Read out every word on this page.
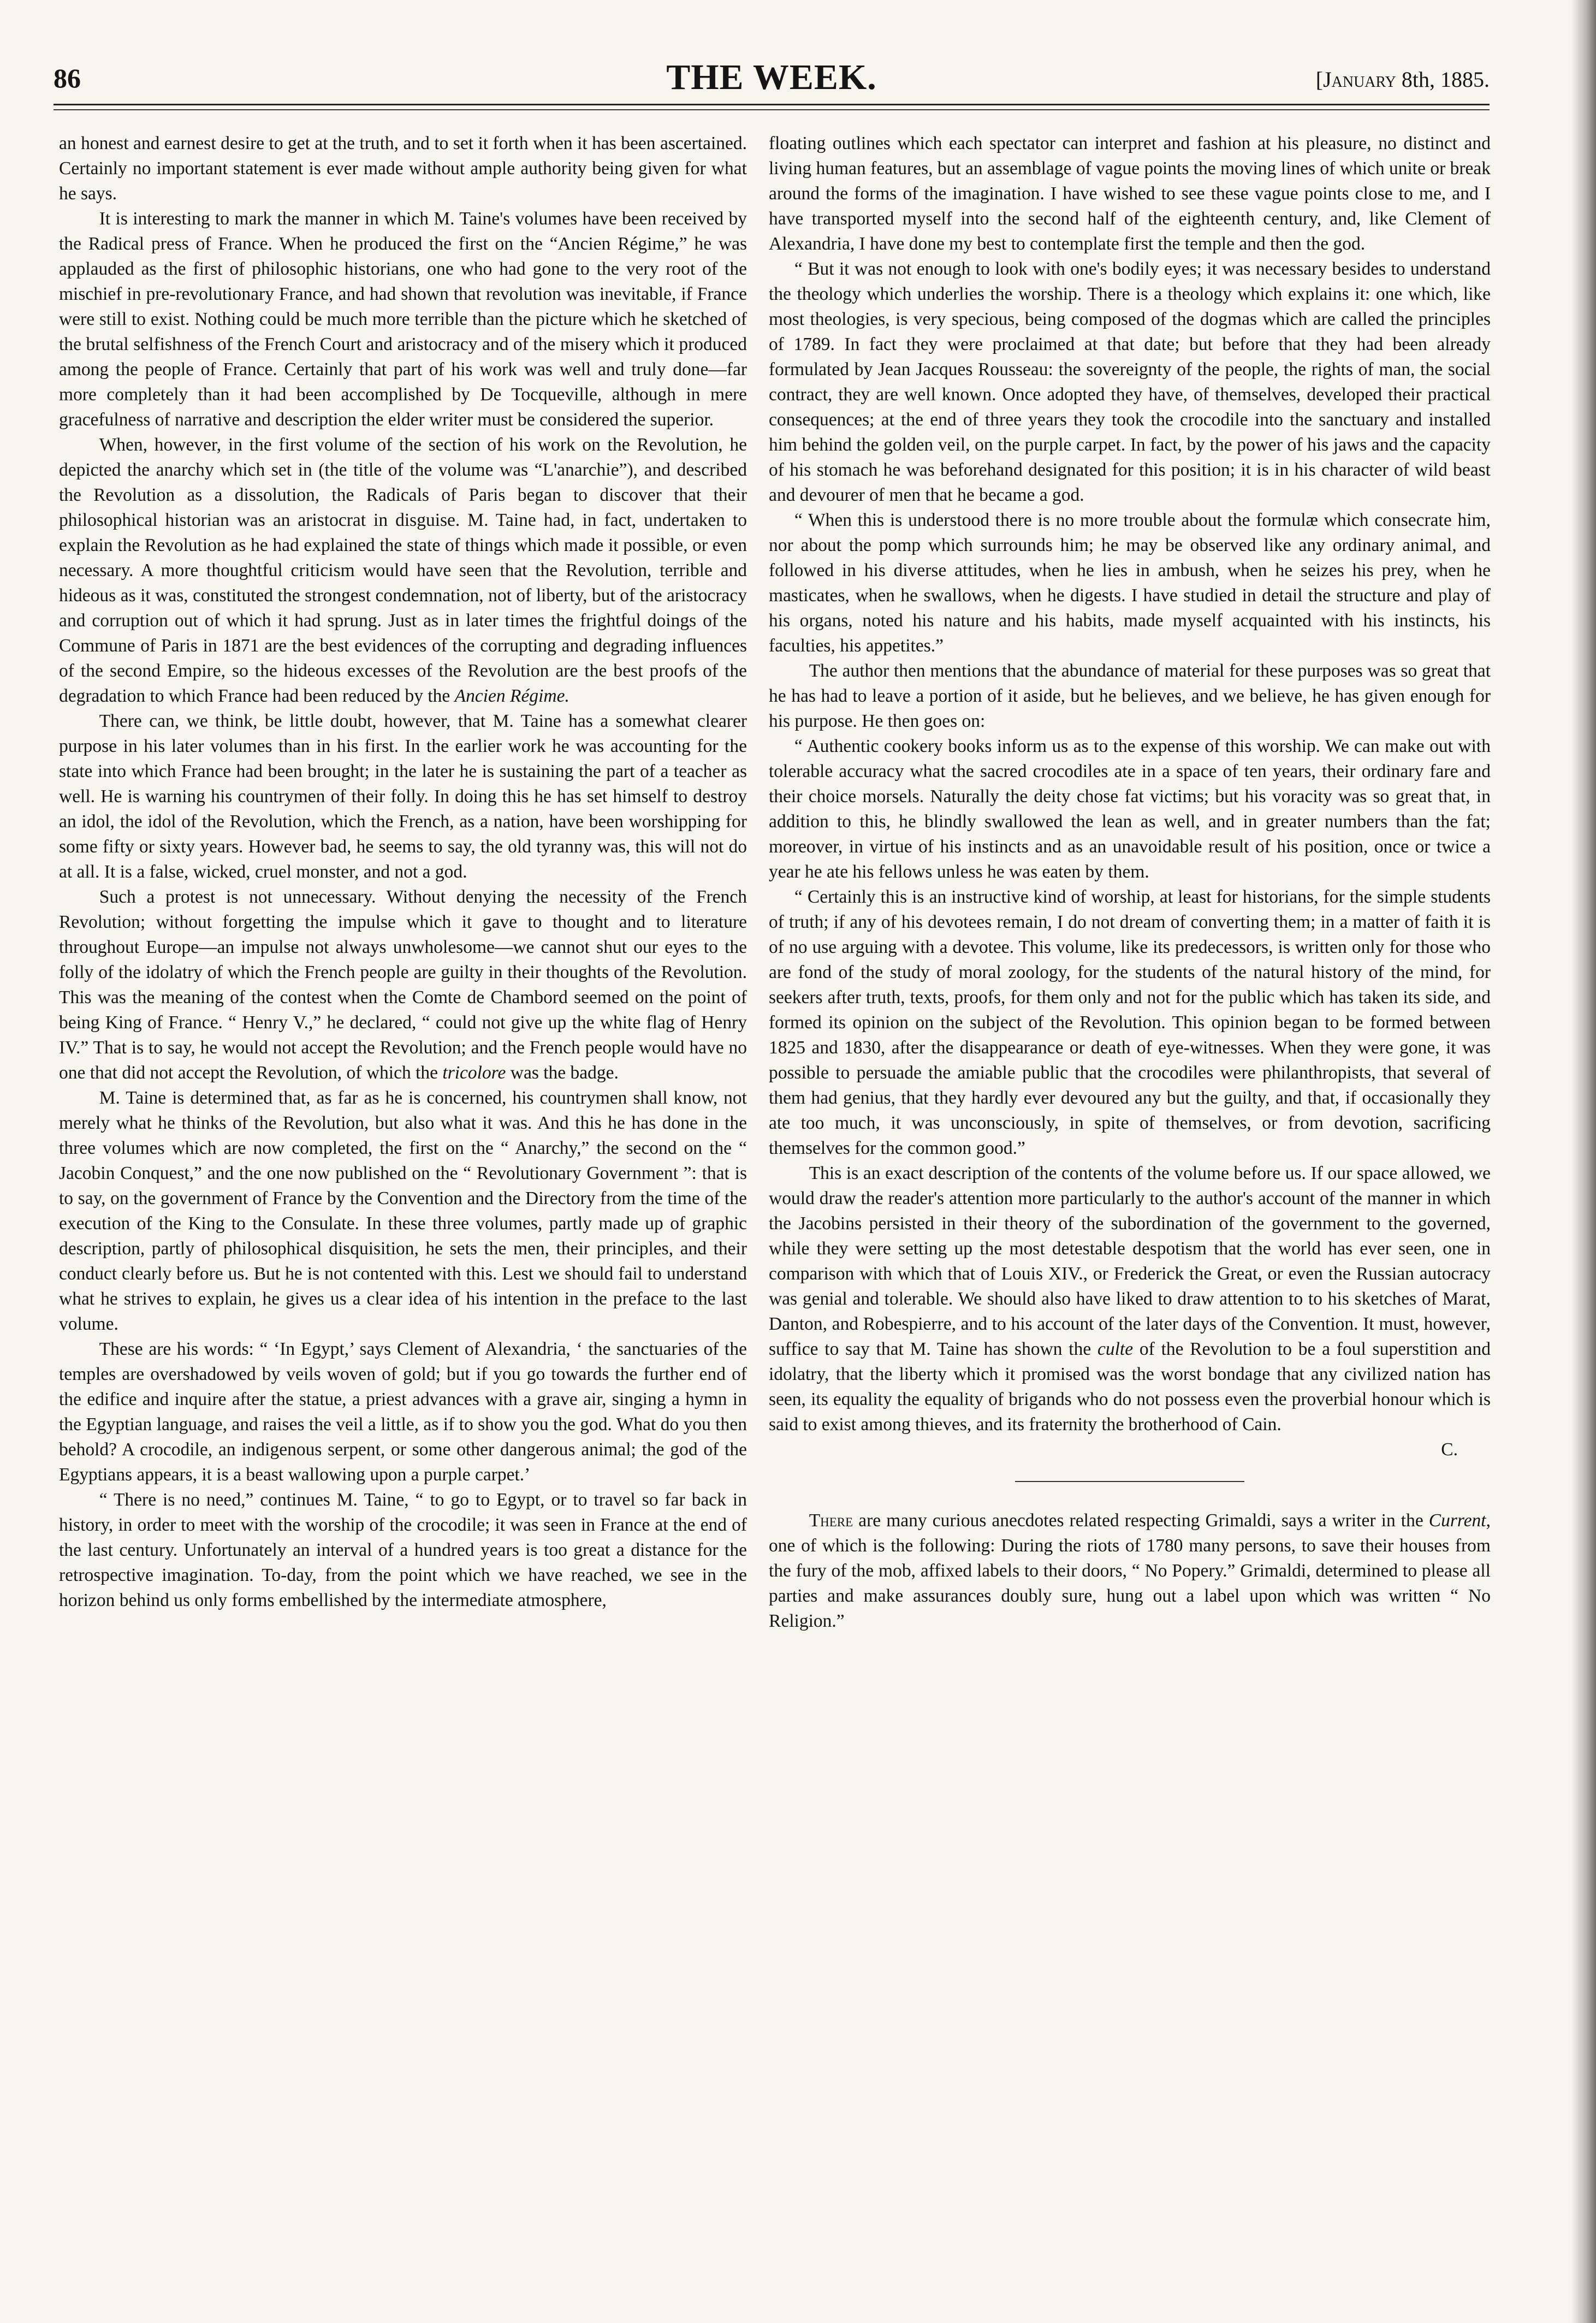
86	THE WEEK.	[January 8th, 1885.

an honest and earnest desire to get at the truth, and to set it forth when it has been ascertained. Certainly no important statement is ever made without ample authority being given for what he says.

It is interesting to mark the manner in which M. Taine's volumes have been received by the Radical press of France. When he produced the first on the “Ancien Régime,” he was applauded as the first of philosophic historians, one who had gone to the very root of the mischief in pre-revolutionary France, and had shown that revolution was inevitable, if France were still to exist. Nothing could be much more terrible than the picture which he sketched of the brutal selfishness of the French Court and aristocracy and of the misery which it produced among the people of France. Certainly that part of his work was well and truly done—far more completely than it had been accomplished by De Tocqueville, although in mere gracefulness of narrative and description the elder writer must be considered the superior.

When, however, in the first volume of the section of his work on the Revolution, he depicted the anarchy which set in (the title of the volume was “L'anarchie”), and described the Revolution as a dissolution, the Radicals of Paris began to discover that their philosophical historian was an aristocrat in disguise. M. Taine had, in fact, undertaken to explain the Revolution as he had explained the state of things which made it possible, or even necessary. A more thoughtful criticism would have seen that the Revolution, terrible and hideous as it was, constituted the strongest condemnation, not of liberty, but of the aristocracy and corruption out of which it had sprung. Just as in later times the frightful doings of the Commune of Paris in 1871 are the best evidences of the corrupting and degrading influences of the second Empire, so the hideous excesses of the Revolution are the best proofs of the degradation to which France had been reduced by the Ancien Régime.

There can, we think, be little doubt, however, that M. Taine has a somewhat clearer purpose in his later volumes than in his first. In the earlier work he was accounting for the state into which France had been brought; in the later he is sustaining the part of a teacher as well. He is warning his countrymen of their folly. In doing this he has set himself to destroy an idol, the idol of the Revolution, which the French, as a nation, have been worshipping for some fifty or sixty years. However bad, he seems to say, the old tyranny was, this will not do at all. It is a false, wicked, cruel monster, and not a god.

Such a protest is not unnecessary. Without denying the necessity of the French Revolution; without forgetting the impulse which it gave to thought and to literature throughout Europe—an impulse not always unwholesome—we cannot shut our eyes to the folly of the idolatry of which the French people are guilty in their thoughts of the Revolution. This was the meaning of the contest when the Comte de Chambord seemed on the point of being King of France. “ Henry V.,” he declared, “ could not give up the white flag of Henry IV.” That is to say, he would not accept the Revolution; and the French people would have no one that did not accept the Revolution, of which the tricolore was the badge.

M. Taine is determined that, as far as he is concerned, his countrymen shall know, not merely what he thinks of the Revolution, but also what it was. And this he has done in the three volumes which are now completed, the first on the “ Anarchy,” the second on the “ Jacobin Conquest,” and the one now published on the “ Revolutionary Government ”: that is to say, on the government of France by the Convention and the Directory from the time of the execution of the King to the Consulate. In these three volumes, partly made up of graphic description, partly of philosophical disquisition, he sets the men, their principles, and their conduct clearly before us. But he is not contented with this. Lest we should fail to understand what he strives to explain, he gives us a clear idea of his intention in the preface to the last volume.

These are his words: “ ‘In Egypt,’ says Clement of Alexandria, ‘ the sanctuaries of the temples are overshadowed by veils woven of gold; but if you go towards the further end of the edifice and inquire after the statue, a priest advances with a grave air, singing a hymn in the Egyptian language, and raises the veil a little, as if to show you the god. What do you then behold? A crocodile, an indigenous serpent, or some other dangerous animal; the god of the Egyptians appears, it is a beast wallowing upon a purple carpet.’

“ There is no need,” continues M. Taine, “ to go to Egypt, or to travel so far back in history, in order to meet with the worship of the crocodile; it was seen in France at the end of the last century. Unfortunately an interval of a hundred years is too great a distance for the retrospective imagination. To-day, from the point which we have reached, we see in the horizon behind us only forms embellished by the intermediate atmosphere,

floating outlines which each spectator can interpret and fashion at his pleasure, no distinct and living human features, but an assemblage of vague points the moving lines of which unite or break around the forms of the imagination. I have wished to see these vague points close to me, and I have transported myself into the second half of the eighteenth century, and, like Clement of Alexandria, I have done my best to contemplate first the temple and then the god.

“ But it was not enough to look with one's bodily eyes; it was necessary besides to understand the theology which underlies the worship. There is a theology which explains it: one which, like most theologies, is very specious, being composed of the dogmas which are called the principles of 1789. In fact they were proclaimed at that date; but before that they had been already formulated by Jean Jacques Rousseau: the sovereignty of the people, the rights of man, the social contract, they are well known. Once adopted they have, of themselves, developed their practical consequences; at the end of three years they took the crocodile into the sanctuary and installed him behind the golden veil, on the purple carpet. In fact, by the power of his jaws and the capacity of his stomach he was beforehand designated for this position; it is in his character of wild beast and devourer of men that he became a god.

“ When this is understood there is no more trouble about the formulæ which consecrate him, nor about the pomp which surrounds him; he may be observed like any ordinary animal, and followed in his diverse attitudes, when he lies in ambush, when he seizes his prey, when he masticates, when he swallows, when he digests. I have studied in detail the structure and play of his organs, noted his nature and his habits, made myself acquainted with his instincts, his faculties, his appetites.”

The author then mentions that the abundance of material for these purposes was so great that he has had to leave a portion of it aside, but he believes, and we believe, he has given enough for his purpose. He then goes on:

“ Authentic cookery books inform us as to the expense of this worship. We can make out with tolerable accuracy what the sacred crocodiles ate in a space of ten years, their ordinary fare and their choice morsels. Naturally the deity chose fat victims; but his voracity was so great that, in addition to this, he blindly swallowed the lean as well, and in greater numbers than the fat; moreover, in virtue of his instincts and as an unavoidable result of his position, once or twice a year he ate his fellows unless he was eaten by them.

“ Certainly this is an instructive kind of worship, at least for historians, for the simple students of truth; if any of his devotees remain, I do not dream of converting them; in a matter of faith it is of no use arguing with a devotee. This volume, like its predecessors, is written only for those who are fond of the study of moral zoology, for the students of the natural history of the mind, for seekers after truth, texts, proofs, for them only and not for the public which has taken its side, and formed its opinion on the subject of the Revolution. This opinion began to be formed between 1825 and 1830, after the disappearance or death of eye-witnesses. When they were gone, it was possible to persuade the amiable public that the crocodiles were philanthropists, that several of them had genius, that they hardly ever devoured any but the guilty, and that, if occasionally they ate too much, it was unconsciously, in spite of themselves, or from devotion, sacrificing themselves for the common good.”

This is an exact description of the contents of the volume before us. If our space allowed, we would draw the reader's attention more particularly to the author's account of the manner in which the Jacobins persisted in their theory of the subordination of the government to the governed, while they were setting up the most detestable despotism that the world has ever seen, one in comparison with which that of Louis XIV., or Frederick the Great, or even the Russian autocracy was genial and tolerable. We should also have liked to draw attention to to his sketches of Marat, Danton, and Robespierre, and to his account of the later days of the Convention. It must, however, suffice to say that M. Taine has shown the culte of the Revolution to be a foul superstition and idolatry, that the liberty which it promised was the worst bondage that any civilized nation has seen, its equality the equality of brigands who do not possess even the proverbial honour which is said to exist among thieves, and its fraternity the brotherhood of Cain.

C.

There are many curious anecdotes related respecting Grimaldi, says a writer in the Current, one of which is the following: During the riots of 1780 many persons, to save their houses from the fury of the mob, affixed labels to their doors, “ No Popery.” Grimaldi, determined to please all parties and make assurances doubly sure, hung out a label upon which was written “ No Religion.”
